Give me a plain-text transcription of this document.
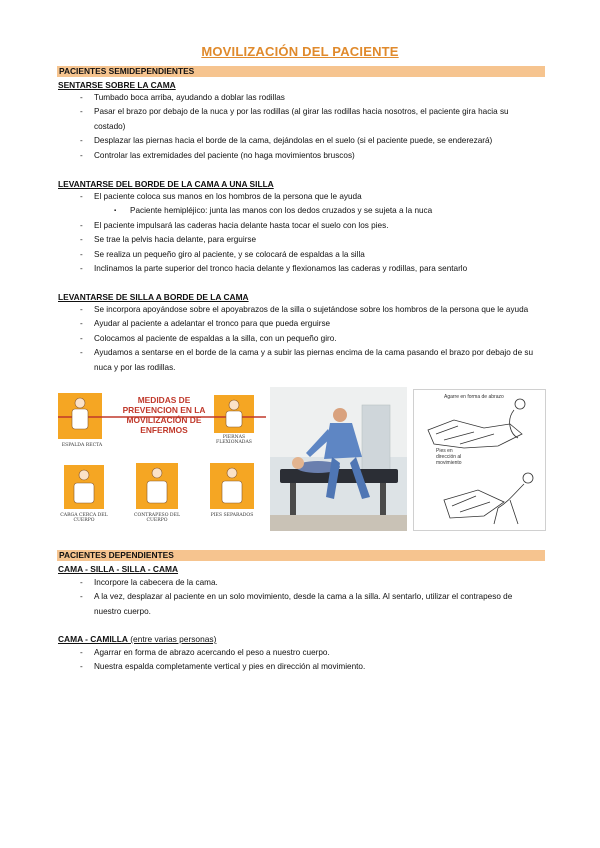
MOVILIZACIÓN DEL PACIENTE
PACIENTES SEMIDEPENDIENTES
SENTARSE SOBRE LA CAMA
- Tumbado boca arriba, ayudando a doblar las rodillas
- Pasar el brazo por debajo de la nuca y por las rodillas (al girar las rodillas hacia nosotros, el paciente gira hacia su costado)
- Desplazar las piernas hacia el borde de la cama, dejándolas en el suelo (si el paciente puede, se enderezará)
- Controlar las extremidades del paciente (no haga movimientos bruscos)
LEVANTARSE DEL BORDE DE LA CAMA A UNA SILLA
- El paciente coloca sus manos en los hombros de la persona que le ayuda
▪ Paciente hemipléjico: junta las manos con los dedos cruzados y se sujeta a la nuca
- El paciente impulsará las caderas hacia delante hasta tocar el suelo con los pies.
- Se trae la pelvis hacia delante, para erguirse
- Se realiza un pequeño giro al paciente, y se colocará de espaldas a la silla
- Inclinamos la parte superior del tronco hacia delante y flexionamos las caderas y rodillas, para sentarlo
LEVANTARSE DE SILLA A BORDE DE LA CAMA
- Se incorpora apoyándose sobre el apoyabrazos de la silla o sujetándose sobre los hombros de la persona que le ayuda
- Ayudar al paciente a adelantar el tronco para que pueda erguirse
- Colocamos al paciente de espaldas a la silla, con un pequeño giro.
- Ayudamos a sentarse en el borde de la cama y a subir las piernas encima de la cama pasando el brazo por debajo de su nuca y por las rodillas.
MEDIDAS DE PREVENCION EN LA MOVILIZACIÓN DE ENFERMOS
ESPALDA RECTA
PIERNAS FLEXIONADAS
CARGA CERCA DEL CUERPO
CONTRAPESO DEL CUERPO
PIES SEPARADOS
Agarre en forma de abrazo
Pies en dirección al movimiento
PACIENTES DEPENDIENTES
CAMA - SILLA - SILLA - CAMA
- Incorpore la cabecera de la cama.
- A la vez, desplazar al paciente en un solo movimiento, desde la cama a la silla. Al sentarlo, utilizar el contrapeso de nuestro cuerpo.
CAMA - CAMILLA (entre varias personas)
- Agarrar en forma de abrazo acercando el peso a nuestro cuerpo.
- Nuestra espalda completamente vertical y pies en dirección al movimiento.
